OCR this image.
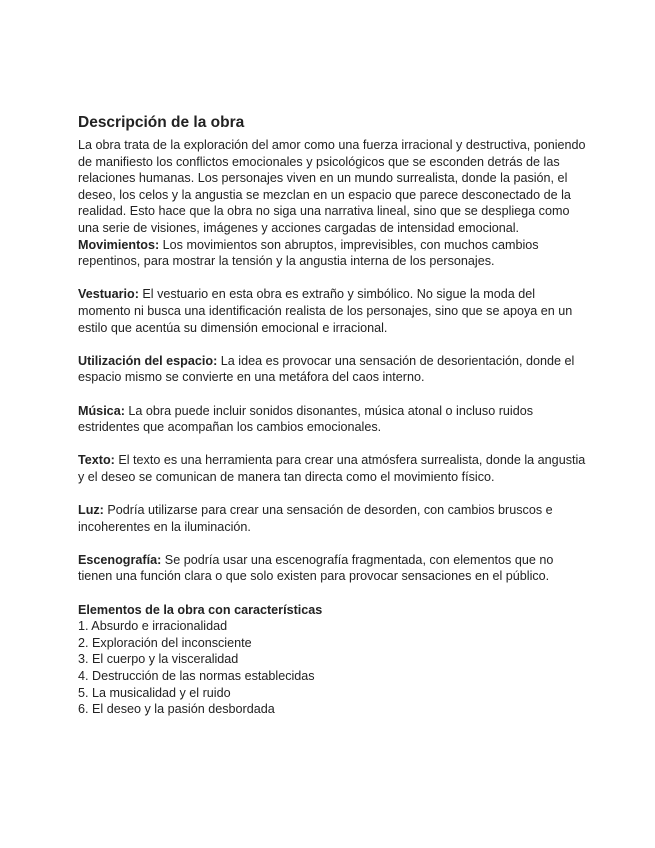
Descripción de la obra

La obra trata de la exploración del amor como una fuerza irracional y destructiva, poniendo de manifiesto los conflictos emocionales y psicológicos que se esconden detrás de las relaciones humanas. Los personajes viven en un mundo surrealista, donde la pasión, el deseo, los celos y la angustia se mezclan en un espacio que parece desconectado de la realidad. Esto hace que la obra no siga una narrativa lineal, sino que se despliega como una serie de visiones, imágenes y acciones cargadas de intensidad emocional.

Movimientos: Los movimientos son abruptos, imprevisibles, con muchos cambios repentinos, para mostrar la tensión y la angustia interna de los personajes.

Vestuario: El vestuario en esta obra es extraño y simbólico. No sigue la moda del momento ni busca una identificación realista de los personajes, sino que se apoya en un estilo que acentúa su dimensión emocional e irracional.

Utilización del espacio: La idea es provocar una sensación de desorientación, donde el espacio mismo se convierte en una metáfora del caos interno.

Música: La obra puede incluir sonidos disonantes, música atonal o incluso ruidos estridentes que acompañan los cambios emocionales.

Texto: El texto es una herramienta para crear una atmósfera surrealista, donde la angustia y el deseo se comunican de manera tan directa como el movimiento físico.

Luz: Podría utilizarse para crear una sensación de desorden, con cambios bruscos e incoherentes en la iluminación.

Escenografía: Se podría usar una escenografía fragmentada, con elementos que no tienen una función clara o que solo existen para provocar sensaciones en el público.

Elementos de la obra con características
1. Absurdo e irracionalidad
2. Exploración del inconsciente
3. El cuerpo y la visceralidad
4. Destrucción de las normas establecidas
5. La musicalidad y el ruido
6. El deseo y la pasión desbordada
